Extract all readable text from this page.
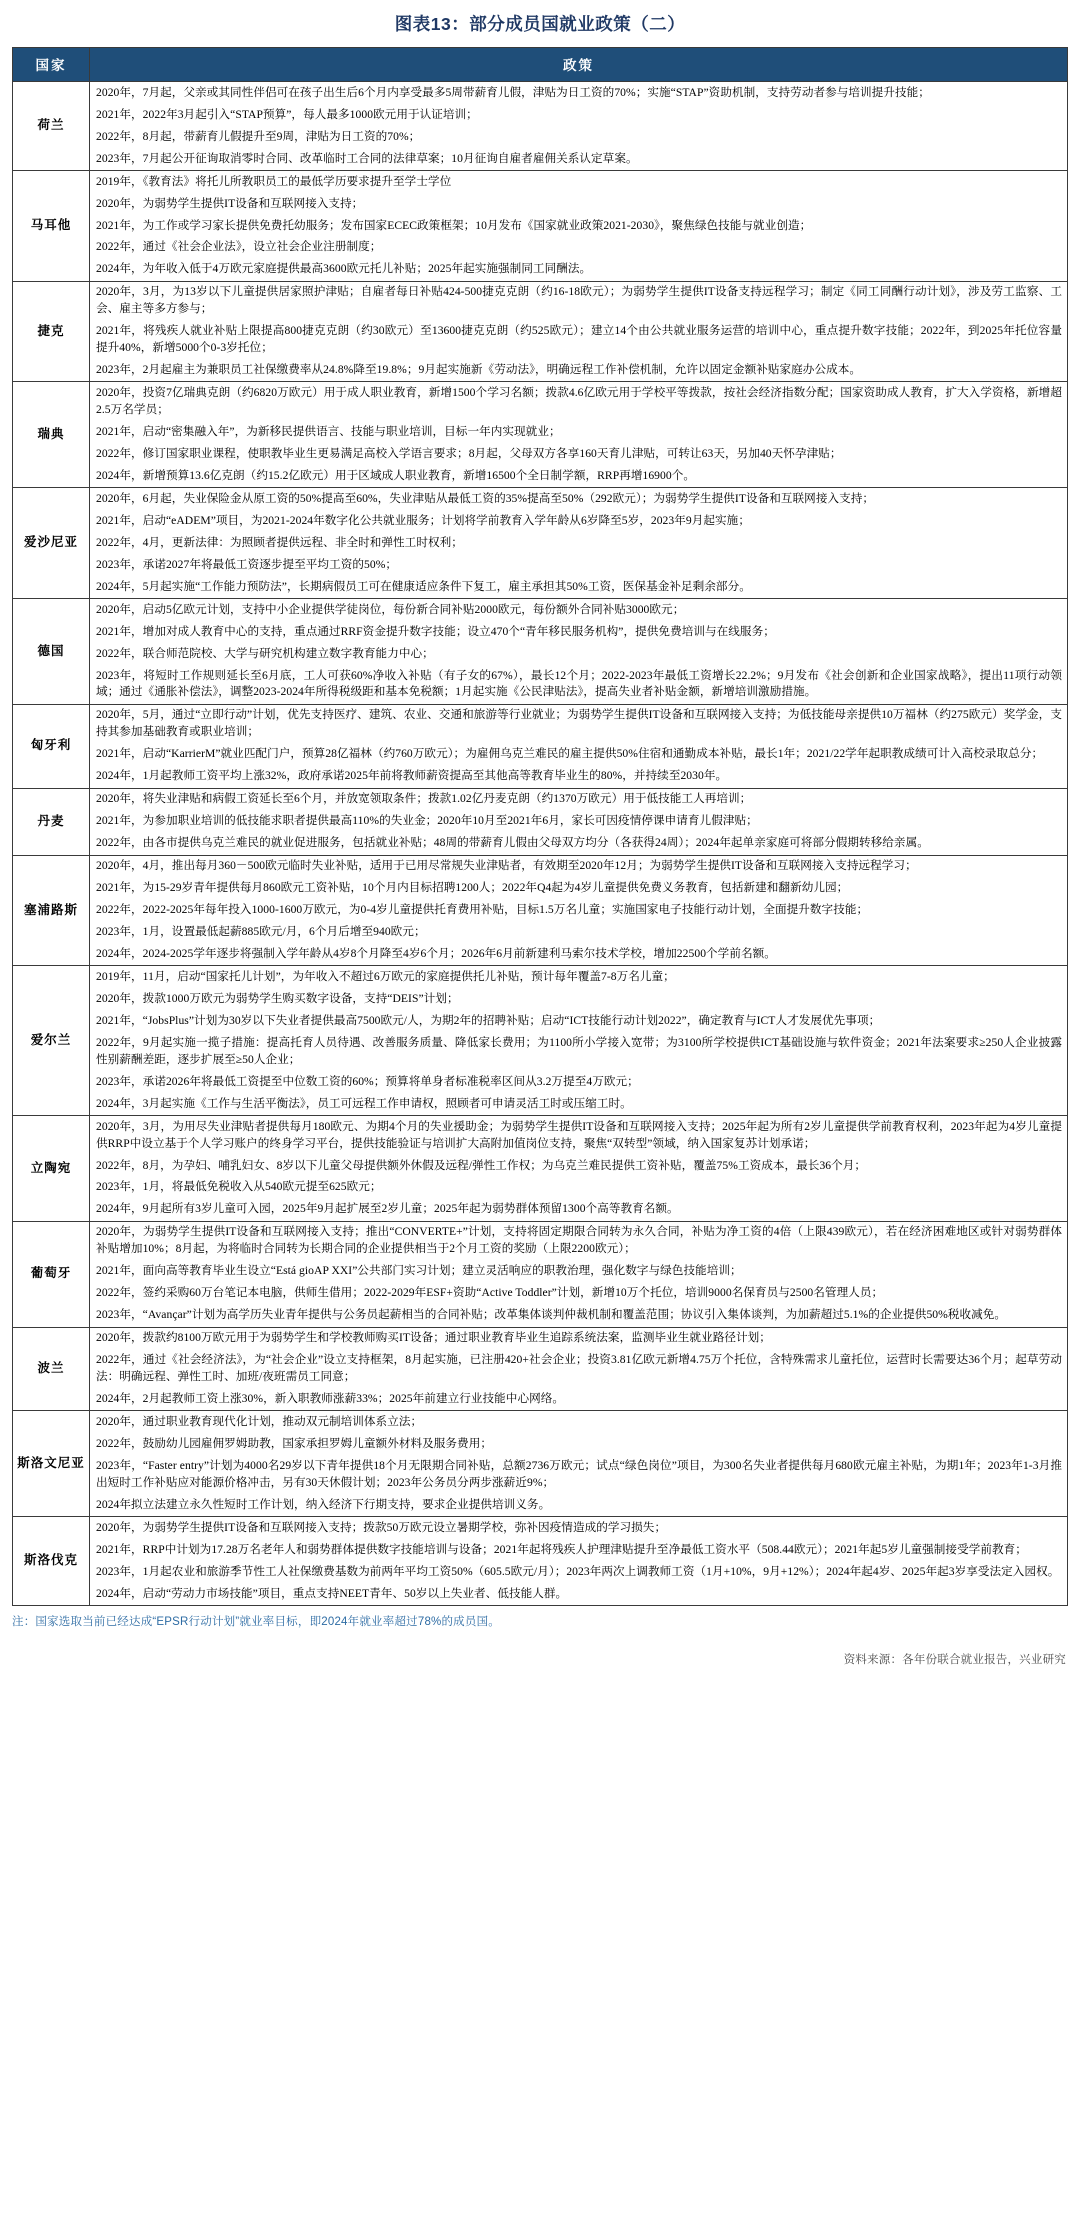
图表13：部分成员国就业政策（二）
国家	政策
荷兰	
2020年，7月起，父亲或其同性伴侣可在孩子出生后6个月内享受最多5周带薪育儿假，津贴为日工资的70%；实施“STAP”资助机制，支持劳动者参与培训提升技能；
2021年，2022年3月起引入“STAP预算”，每人最多1000欧元用于认证培训；
2022年，8月起，带薪育儿假提升至9周，津贴为日工资的70%；
2023年，7月起公开征询取消零时合同、改革临时工合同的法律草案；10月征询自雇者雇佣关系认定草案。

马耳他	
2019年，《教育法》将托儿所教职员工的最低学历要求提升至学士学位
2020年，为弱势学生提供IT设备和互联网接入支持；
2021年，为工作或学习家长提供免费托幼服务；发布国家ECEC政策框架；10月发布《国家就业政策2021-2030》，聚焦绿色技能与就业创造；
2022年，通过《社会企业法》，设立社会企业注册制度；
2024年，为年收入低于4万欧元家庭提供最高3600欧元托儿补贴；2025年起实施强制同工同酬法。

捷克	
2020年，3月，为13岁以下儿童提供居家照护津贴；自雇者每日补贴424-500捷克克朗（约16-18欧元）；为弱势学生提供IT设备支持远程学习；制定《同工同酬行动计划》，涉及劳工监察、工会、雇主等多方参与；
2021年，将残疾人就业补贴上限提高800捷克克朗（约30欧元）至13600捷克克朗（约525欧元）；建立14个由公共就业服务运营的培训中心，重点提升数字技能；2022年，到2025年托位容量提升40%，新增5000个0-3岁托位；
2023年，2月起雇主为兼职员工社保缴费率从24.8%降至19.8%；9月起实施新《劳动法》，明确远程工作补偿机制，允许以固定金额补贴家庭办公成本。

瑞典	
2020年，投资7亿瑞典克朗（约6820万欧元）用于成人职业教育，新增1500个学习名额；拨款4.6亿欧元用于学校平等拨款，按社会经济指数分配；国家资助成人教育，扩大入学资格，新增超2.5万名学员；
2021年，启动“密集融入年”，为新移民提供语言、技能与职业培训，目标一年内实现就业；
2022年，修订国家职业课程，使职教毕业生更易满足高校入学语言要求；8月起，父母双方各享160天育儿津贴，可转让63天，另加40天怀孕津贴；
2024年，新增预算13.6亿克朗（约15.2亿欧元）用于区域成人职业教育，新增16500个全日制学额，RRP再增16900个。

爱沙尼亚	
2020年，6月起，失业保险金从原工资的50%提高至60%，失业津贴从最低工资的35%提高至50%（292欧元）；为弱势学生提供IT设备和互联网接入支持；
2021年，启动“eADEM”项目，为2021-2024年数字化公共就业服务；计划将学前教育入学年龄从6岁降至5岁，2023年9月起实施；
2022年，4月，更新法律：为照顾者提供远程、非全时和弹性工时权利；
2023年，承诺2027年将最低工资逐步提至平均工资的50%；
2024年，5月起实施“工作能力预防法”，长期病假员工可在健康适应条件下复工，雇主承担其50%工资，医保基金补足剩余部分。

德国	
2020年，启动5亿欧元计划，支持中小企业提供学徒岗位，每份新合同补贴2000欧元，每份额外合同补贴3000欧元；
2021年，增加对成人教育中心的支持，重点通过RRF资金提升数字技能；设立470个“青年移民服务机构”，提供免费培训与在线服务；
2022年，联合师范院校、大学与研究机构建立数字教育能力中心；
2023年，将短时工作规则延长至6月底，工人可获60%净收入补贴（有子女的67%），最长12个月；2022-2023年最低工资增长22.2%；9月发布《社会创新和企业国家战略》，提出11项行动领域；通过《通胀补偿法》，调整2023-2024年所得税级距和基本免税额；1月起实施《公民津贴法》，提高失业者补贴金额，新增培训激励措施。

匈牙利	
2020年，5月，通过“立即行动”计划，优先支持医疗、建筑、农业、交通和旅游等行业就业；为弱势学生提供IT设备和互联网接入支持；为低技能母亲提供10万福林（约275欧元）奖学金，支持其参加基础教育或职业培训；
2021年，启动“KarrierM”就业匹配门户，预算28亿福林（约760万欧元）；为雇佣乌克兰难民的雇主提供50%住宿和通勤成本补贴，最长1年；2021/22学年起职教成绩可计入高校录取总分；
2024年，1月起教师工资平均上涨32%，政府承诺2025年前将教师薪资提高至其他高等教育毕业生的80%，并持续至2030年。

丹麦	
2020年，将失业津贴和病假工资延长至6个月，并放宽领取条件；拨款1.02亿丹麦克朗（约1370万欧元）用于低技能工人再培训；
2021年，为参加职业培训的低技能求职者提供最高110%的失业金；2020年10月至2021年6月，家长可因疫情停课申请育儿假津贴；
2022年，由各市提供乌克兰难民的就业促进服务，包括就业补贴；48周的带薪育儿假由父母双方均分（各获得24周）；2024年起单亲家庭可将部分假期转移给亲属。

塞浦路斯	
2020年，4月，推出每月360－500欧元临时失业补贴，适用于已用尽常规失业津贴者，有效期至2020年12月；为弱势学生提供IT设备和互联网接入支持远程学习；
2021年，为15-29岁青年提供每月860欧元工资补贴，10个月内目标招聘1200人；2022年Q4起为4岁儿童提供免费义务教育，包括新建和翻新幼儿园；
2022年，2022-2025年每年投入1000-1600万欧元，为0-4岁儿童提供托育费用补贴，目标1.5万名儿童；实施国家电子技能行动计划，全面提升数字技能；
2023年，1月，设置最低起薪885欧元/月，6个月后增至940欧元；
2024年，2024-2025学年逐步将强制入学年龄从4岁8个月降至4岁6个月；2026年6月前新建利马索尔技术学校，增加22500个学前名额。

爱尔兰	
2019年，11月，启动“国家托儿计划”，为年收入不超过6万欧元的家庭提供托儿补贴，预计每年覆盖7-8万名儿童；
2020年，拨款1000万欧元为弱势学生购买数字设备，支持“DEIS”计划；
2021年，“JobsPlus”计划为30岁以下失业者提供最高7500欧元/人，为期2年的招聘补贴；启动“ICT技能行动计划2022”，确定教育与ICT人才发展优先事项；
2022年，9月起实施一揽子措施：提高托育人员待遇、改善服务质量、降低家长费用；为1100所小学接入宽带；为3100所学校提供ICT基础设施与软件资金；2021年法案要求≥250人企业披露性别薪酬差距，逐步扩展至≥50人企业；
2023年，承诺2026年将最低工资提至中位数工资的60%；预算将单身者标准税率区间从3.2万提至4万欧元；
2024年，3月起实施《工作与生活平衡法》，员工可远程工作申请权，照顾者可申请灵活工时或压缩工时。

立陶宛	
2020年，3月，为用尽失业津贴者提供每月180欧元、为期4个月的失业援助金；为弱势学生提供IT设备和互联网接入支持；2025年起为所有2岁儿童提供学前教育权利，2023年起为4岁儿童提供RRP中设立基于个人学习账户的终身学习平台，提供技能验证与培训扩大高附加值岗位支持，聚焦“双转型”领域，纳入国家复苏计划承诺；
2022年，8月，为孕妇、哺乳妇女、8岁以下儿童父母提供额外休假及远程/弹性工作权；为乌克兰难民提供工资补贴，覆盖75%工资成本，最长36个月；
2023年，1月，将最低免税收入从540欧元提至625欧元；
2024年，9月起所有3岁儿童可入园，2025年9月起扩展至2岁儿童；2025年起为弱势群体预留1300个高等教育名额。

葡萄牙	
2020年，为弱势学生提供IT设备和互联网接入支持；推出“CONVERTE+”计划，支持将固定期限合同转为永久合同，补贴为净工资的4倍（上限439欧元），若在经济困难地区或针对弱势群体补贴增加10%；8月起，为将临时合同转为长期合同的企业提供相当于2个月工资的奖励（上限2200欧元）；
2021年，面向高等教育毕业生设立“Está gioAP XXI”公共部门实习计划；建立灵活响应的职教治理，强化数字与绿色技能培训；
2022年，签约采购60万台笔记本电脑，供师生借用；2022-2029年ESF+资助“Active Toddler”计划，新增10万个托位，培训9000名保育员与2500名管理人员；
2023年，“Avançar”计划为高学历失业青年提供与公务员起薪相当的合同补贴；改革集体谈判仲裁机制和覆盖范围；协议引入集体谈判，为加薪超过5.1%的企业提供50%税收减免。

波兰	
2020年，拨款约8100万欧元用于为弱势学生和学校教师购买IT设备；通过职业教育毕业生追踪系统法案，监测毕业生就业路径计划；
2022年，通过《社会经济法》，为“社会企业”设立支持框架，8月起实施，已注册420+社会企业；投资3.81亿欧元新增4.75万个托位，含特殊需求儿童托位，运营时长需要达36个月；起草劳动法：明确远程、弹性工时、加班/夜班需员工同意；
2024年，2月起教师工资上涨30%，新入职教师涨薪33%；2025年前建立行业技能中心网络。

斯洛文尼亚	
2020年，通过职业教育现代化计划，推动双元制培训体系立法；
2022年，鼓励幼儿园雇佣罗姆助教，国家承担罗姆儿童额外材料及服务费用；
2023年，“Faster entry”计划为4000名29岁以下青年提供18个月无限期合同补贴，总额2736万欧元；试点“绿色岗位”项目，为300名失业者提供每月680欧元雇主补贴，为期1年；2023年1-3月推出短时工作补贴应对能源价格冲击，另有30天休假计划；2023年公务员分两步涨薪近9%；
2024年拟立法建立永久性短时工作计划，纳入经济下行期支持，要求企业提供培训义务。

斯洛伐克	
2020年，为弱势学生提供IT设备和互联网接入支持；拨款50万欧元设立暑期学校，弥补因疫情造成的学习损失；
2021年，RRP中计划为17.28万名老年人和弱势群体提供数字技能培训与设备；2021年起将残疾人护理津贴提升至净最低工资水平（508.44欧元）；2021年起5岁儿童强制接受学前教育；
2023年，1月起农业和旅游季节性工人社保缴费基数为前两年平均工资50%（605.5欧元/月）；2023年两次上调教师工资（1月+10%，9月+12%）；2024年起4岁、2025年起3岁享受法定入园权。
2024年，启动“劳动力市场技能”项目，重点支持NEET青年、50岁以上失业者、低技能人群。
注：国家选取当前已经达成“EPSR行动计划”就业率目标，即2024年就业率超过78%的成员国。
资料来源：各年份联合就业报告，兴业研究
